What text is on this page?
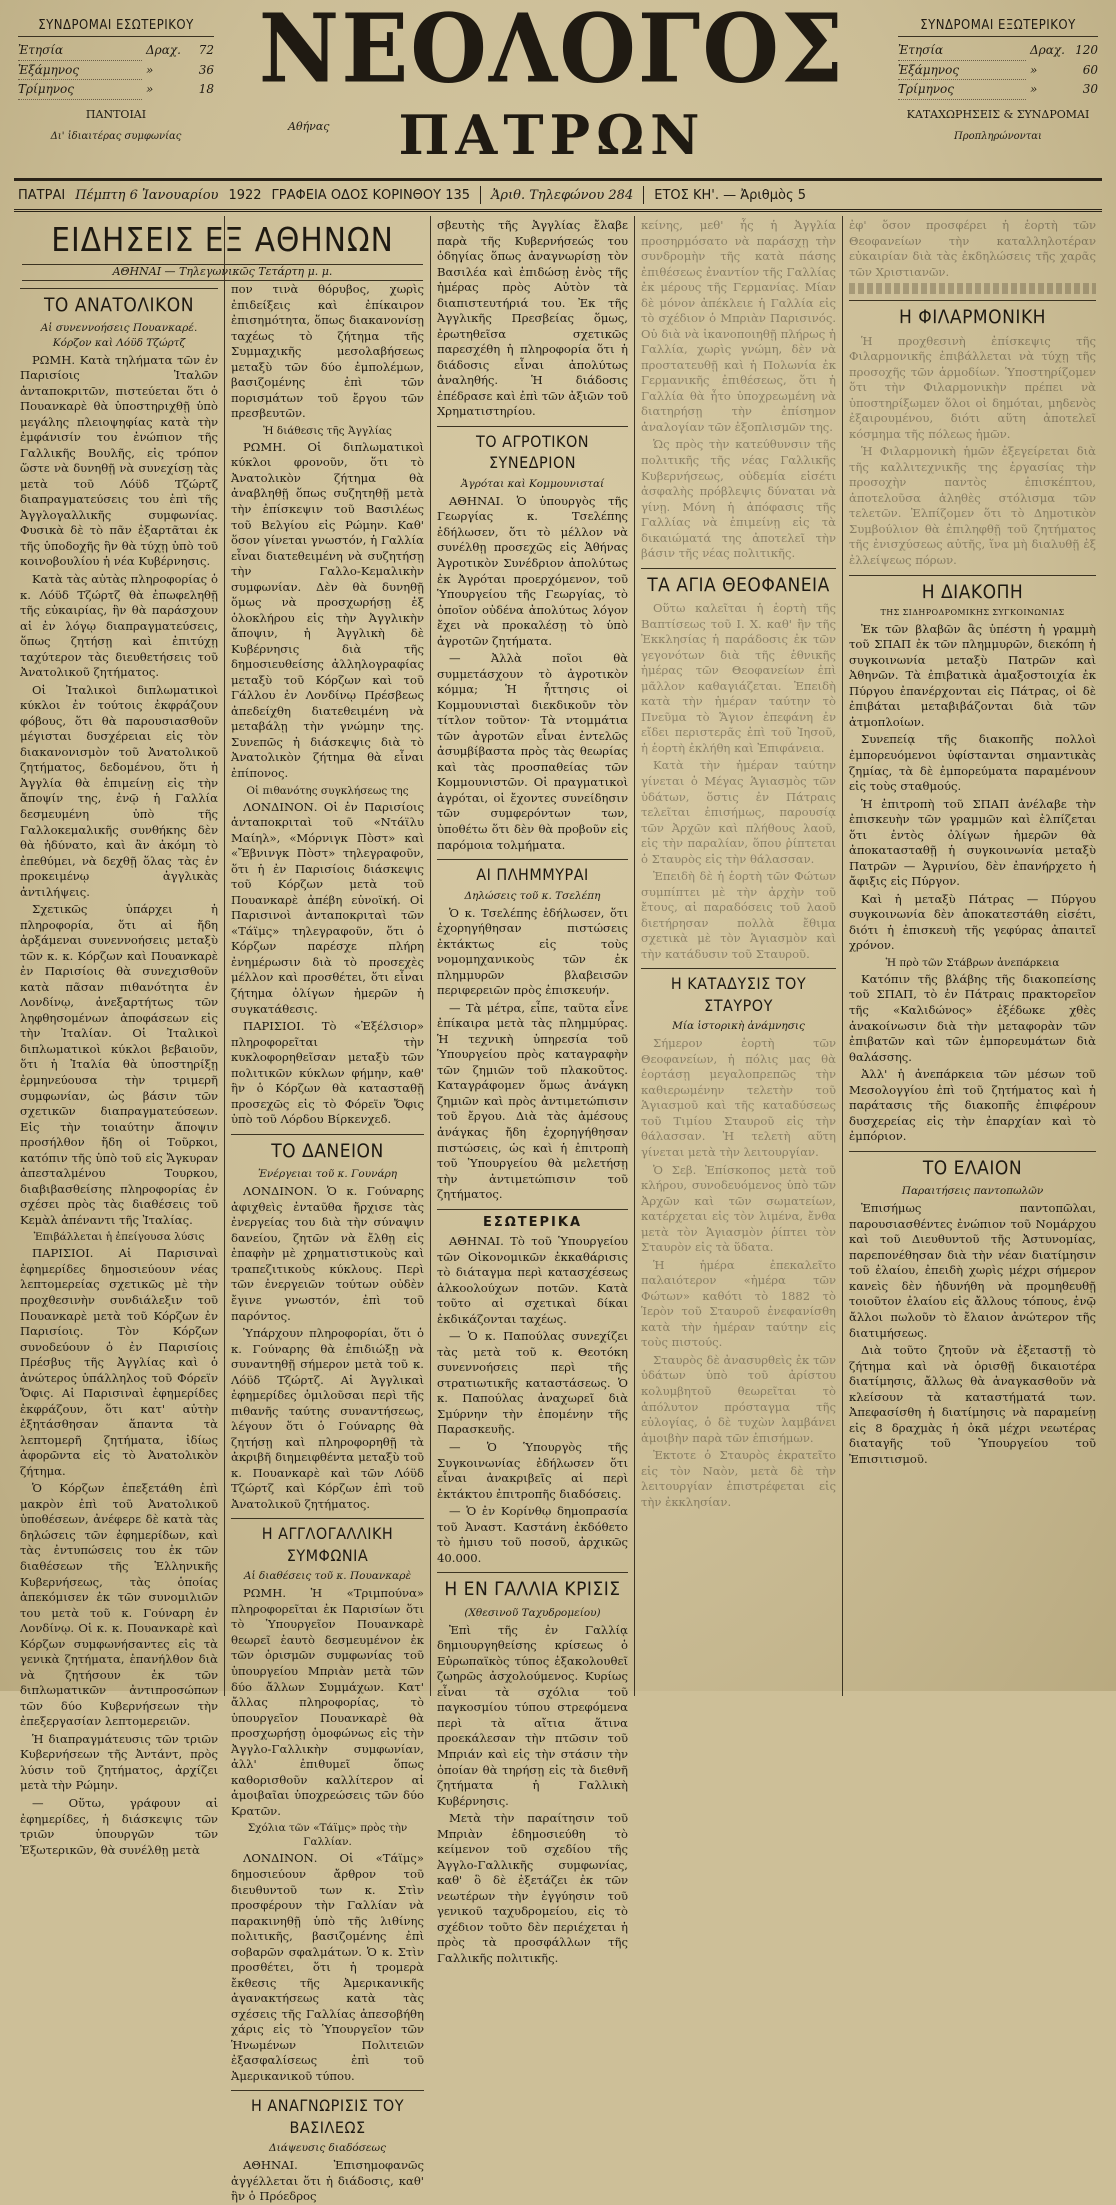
ΣΥΝΔΡΟΜΑΙ ΕΣΩΤΕΡΙΚΟΥ
Ἐτησία	Δραχ.	72
Ἑξάμηνος	»	36
Τρίμηνος	»	18
ΠΑΝΤΟΙΑΙ
Δι' ἰδιαιτέρας συμφωνίας
ΝΕΟΛΟΓΟΣ
Αθήνας	ΠΑΤΡΩΝ
ΣΥΝΔΡΟΜΑΙ ΕΞΩΤΕΡΙΚΟΥ
Ἐτησία	Δραχ. 120
Ἑξάμηνος	»	60
Τρίμηνος	»	30
ΚΑΤΑΧΩΡΗΣΕΙΣ & ΣΥΝΔΡΟΜΑΙ
Προπληρώνονται
ΠΑΤΡΑΙ Πέμπτη 6 Ἰανουαρίου 1922 ΓΡΑΦΕΙΑ ΟΔΟΣ ΚΟΡΙΝΘΟΥ 135 Ἀριθ. Τηλεφώνου 284 ΕΤΟΣ ΚΗ'. — Ἀριθμὸς 5
ΕΙΔΗΣΕΙΣ ΕΞ ΑΘΗΝΩΝ
ΑΘΗΝΑΙ — Τηλεγωνικῶς Τετάρτη μ. μ.
ΤΟ ΑΝΑΤΟΛΙΚΟΝ
Αἱ συνεννοήσεις Πουανκαρέ. Κόρζον καὶ Λόϋδ Τζώρτζ

ΡΩΜΗ. Κατὰ τηλήματα τῶν ἐν Παρισίοις Ἰταλῶν ἀνταποκριτῶν, πιστεύεται ὅτι ὁ Πουανκαρὲ θὰ ὑποστηριχθῇ ὑπὸ μεγάλης πλειοψηφίας κατὰ τὴν ἐμφάνισίν του ἐνώπιον τῆς Γαλλικῆς Βουλῆς, εἰς τρόπον ὥστε νὰ δυνηθῇ νὰ συνεχίσῃ τὰς μετὰ τοῦ Λόϋδ Τζώρτζ διαπραγματεύσεις του ἐπὶ τῆς Ἀγγλογαλλικῆς συμφωνίας. Φυσικὰ δὲ τὸ πᾶν ἐξαρτᾶται ἐκ τῆς ὑποδοχῆς ἣν θὰ τύχῃ ὑπὸ τοῦ κοινοβουλίου ἡ νέα Κυβέρνησις.

Κατὰ τὰς αὐτὰς πληροφορίας ὁ κ. Λόϋδ Τζώρτζ θὰ ἐπωφεληθῇ τῆς εὐκαιρίας, ἣν θὰ παράσχουν αἱ ἐν λόγῳ διαπραγματεύσεις, ὅπως ζητήσῃ καὶ ἐπιτύχῃ ταχύτερον τὰς διευθετήσεις τοῦ Ἀνατολικοῦ ζητήματος.

Οἱ Ἰταλικοὶ διπλωματικοὶ κύκλοι ἐν τούτοις ἐκφράζουν φόβους, ὅτι θὰ παρουσιασθοῦν μέγισται δυσχέρειαι εἰς τὸν διακανονισμὸν τοῦ Ἀνατολικοῦ ζητήματος, δεδομένου, ὅτι ἡ Ἀγγλία θὰ ἐπιμείνῃ εἰς τὴν ἄποψίν της, ἐνῷ ἡ Γαλλία δεσμευμένη ὑπὸ τῆς Γαλλοκεμαλικῆς συνθήκης δὲν θὰ ἠδύνατο, καὶ ἂν ἀκόμη τὸ ἐπεθύμει, νὰ δεχθῇ ὅλας τὰς ἐν προκειμένῳ ἀγγλικὰς ἀντιλήψεις.

Σχετικῶς ὑπάρχει ἡ πληροφορία, ὅτι αἱ ἤδη ἀρξάμεναι συνεννοήσεις μεταξὺ τῶν κ. κ. Κόρζων καὶ Πουανκαρὲ ἐν Παρισίοις θὰ συνεχισθοῦν κατὰ πᾶσαν πιθανότητα ἐν Λονδίνῳ, ἀνεξαρτήτως τῶν ληφθησομένων ἀποφάσεων εἰς τὴν Ἰταλίαν. Οἱ Ἰταλικοὶ διπλωματικοὶ κύκλοι βεβαιοῦν, ὅτι ἡ Ἰταλία θὰ ὑποστηρίξῃ ἐρμηνεύουσα τὴν τριμερῆ συμφωνίαν, ὡς βάσιν τῶν σχετικῶν διαπραγματεύσεων. Εἰς τὴν τοιαύτην ἄποψιν προσήλθον ἤδη οἱ Τοῦρκοι, κατόπιν τῆς ὑπὸ τοῦ εἰς Ἄγκυραν ἀπεσταλμένου Τουρκου, διαβιβασθείσης πληροφορίας ἐν σχέσει πρὸς τὰς διαθέσεις τοῦ Κεμὰλ ἀπέναντι τῆς Ἰταλίας.

Ἐπιβάλλεται ἡ ἐπείγουσα λύσις

ΠΑΡΙΣΙΟΙ. Αἱ Παρισιναὶ ἐφημερίδες δημοσιεύουν νέας λεπτομερείας σχετικῶς μὲ τὴν προχθεσινὴν συνδιάλεξιν τοῦ Πουανκαρὲ μετὰ τοῦ Κόρζων ἐν Παρισίοις. Τὸν Κόρζων συνοδεύουν ὁ ἐν Παρισίοις Πρέσβυς τῆς Ἀγγλίας καὶ ὁ ἀνώτερος ὑπάλληλος τοῦ Φόρεϊν Ὄφις. Αἱ Παρισιναὶ ἐφημερίδες ἐκφράζουν, ὅτι κατ' αὐτὴν ἐξητάσθησαν ἅπαντα τὰ λεπτομερῆ ζητήματα, ἰδίως ἀφορῶντα εἰς τὸ Ἀνατολικὸν ζήτημα.

Ὁ Κόρζων ἐπεξετάθη ἐπὶ μακρὸν ἐπὶ τοῦ Ἀνατολικοῦ ὑποθέσεων, ἀνέφερε δὲ κατὰ τὰς δηλώσεις τῶν ἐφημερίδων, καὶ τὰς ἐντυπώσεις του ἐκ τῶν διαθέσεων τῆς Ἑλληνικῆς Κυβερνήσεως, τὰς ὁποίας ἀπεκόμισεν ἐκ τῶν συνομιλιῶν του μετὰ τοῦ κ. Γούναρη ἐν Λονδίνῳ. Οἱ κ. κ. Πουανκαρὲ καὶ Κόρζων συμφωνήσαντες εἰς τὰ γενικὰ ζητήματα, ἐπανήλθον διὰ νὰ ζητήσουν ἐκ τῶν διπλωματικῶν ἀντιπροσώπων τῶν δύο Κυβερνήσεων τὴν ἐπεξεργασίαν λεπτομερειῶν.

Ἡ διαπραγμάτευσις τῶν τριῶν Κυβερνήσεων τῆς Ἀντάντ, πρὸς λύσιν τοῦ ζητήματος, ἀρχίζει μετὰ τὴν Ρώμην.

— Οὕτω, γράφουν αἱ ἐφημερίδες, ἡ διάσκεψις τῶν τριῶν ὑπουργῶν τῶν Ἐξωτερικῶν, θὰ συνέλθῃ μετὰ

πον τινὰ θόρυβος, χωρὶς ἐπιδείξεις καὶ ἐπίκαιρον ἐπισημότητα, ὅπως διακανονίσῃ ταχέως τὸ ζήτημα τῆς Συμμαχικῆς μεσολαβήσεως μεταξὺ τῶν δύο ἐμπολέμων, βασιζομένης ἐπὶ τῶν πορισμάτων τοῦ ἔργου τῶν πρεσβευτῶν.

Ἡ διάθεσις τῆς Ἀγγλίας

ΡΩΜΗ. Οἱ διπλωματικοὶ κύκλοι φρονοῦν, ὅτι τὸ Ἀνατολικὸν ζήτημα θὰ ἀναβληθῇ ὅπως συζητηθῇ μετὰ τὴν ἐπίσκεψιν τοῦ Βασιλέως τοῦ Βελγίου εἰς Ρώμην. Καθ' ὅσον γίνεται γνωστόν, ἡ Γαλλία εἶναι διατεθειμένη νὰ συζητήσῃ τὴν Γαλλο-Κεμαλικὴν συμφωνίαν. Δὲν θὰ δυνηθῇ ὅμως νὰ προσχωρήσῃ ἐξ ὁλοκλήρου εἰς τὴν Ἀγγλικὴν ἄποψιν, ἡ Ἀγγλικὴ δὲ Κυβέρνησις διὰ τῆς δημοσιευθείσης ἀλληλογραφίας μεταξὺ τοῦ Κόρζων καὶ τοῦ Γάλλου ἐν Λονδίνῳ Πρέσβεως ἀπεδείχθη διατεθειμένη νὰ μεταβάλῃ τὴν γνώμην της. Συνεπῶς ἡ διάσκεψις διὰ τὸ Ἀνατολικὸν ζήτημα θὰ εἶναι ἐπίπονος.

Οἱ πιθανότης συγκλήσεως της

ΛΟΝΔΙΝΟΝ. Οἱ ἐν Παρισίοις ἀνταποκριταὶ τοῦ «Ντάϊλυ Μαίηλ», «Μόρνιγκ Πὸστ» καὶ «Ἔβνινγκ Πὸστ» τηλεγραφοῦν, ὅτι ἡ ἐν Παρισίοις διάσκεψις τοῦ Κόρζων μετὰ τοῦ Πουανκαρὲ ἀπέβη εὐνοϊκή. Οἱ Παρισινοὶ ἀνταποκριταὶ τῶν «Τάϊμς» τηλεγραφοῦν, ὅτι ὁ Κόρζων παρέσχε πλήρη ἐνημέρωσιν διὰ τὸ προσεχὲς μέλλον καὶ προσθέτει, ὅτι εἶναι ζήτημα ὀλίγων ἡμερῶν ἡ συγκατάθεσις.

ΠΑΡΙΣΙΟΙ. Τὸ «Ἐξέλσιορ» πληροφορεῖται τὴν κυκλοφορηθεῖσαν μεταξὺ τῶν πολιτικῶν κύκλων φήμην, καθ' ἣν ὁ Κόρζων θὰ κατασταθῇ προσεχῶς εἰς τὸ Φόρεϊν Ὄφις ὑπὸ τοῦ Λόρδου Βίρκενχεδ.

ΤΟ ΔΑΝΕΙΟΝ
Ἐνέργειαι τοῦ κ. Γουνάρη

ΛΟΝΔΙΝΟΝ. Ὁ κ. Γούναρης ἀφιχθεὶς ἐνταῦθα ἤρχισε τὰς ἐνεργείας του διὰ τὴν σύναψιν δανείου, ζητῶν νὰ ἔλθῃ εἰς ἐπαφὴν μὲ χρηματιστικοὺς καὶ τραπεζιτικοὺς κύκλους. Περὶ τῶν ἐνεργειῶν τούτων οὐδὲν ἔγινε γνωστόν, ἐπὶ τοῦ παρόντος.

Ὑπάρχουν πληροφορίαι, ὅτι ὁ κ. Γούναρης θὰ ἐπιδιώξῃ νὰ συναντηθῇ σήμερον μετὰ τοῦ κ. Λόϋδ Τζώρτζ. Αἱ Ἀγγλικαὶ ἐφημερίδες ὁμιλοῦσαι περὶ τῆς πιθανῆς ταύτης συναντήσεως, λέγουν ὅτι ὁ Γούναρης θὰ ζητήσῃ καὶ πληροφορηθῇ τὰ ἀκριβῆ διημειφθέντα μεταξὺ τοῦ κ. Πουανκαρὲ καὶ τῶν Λόϋδ Τζώρτζ καὶ Κόρζων ἐπὶ τοῦ Ἀνατολικοῦ ζητήματος.

Η ΑΓΓΛΟΓΑΛΛΙΚΗ ΣΥΜΦΩΝΙΑ
Αἱ διαθέσεις τοῦ κ. Πουανκαρὲ

ΡΩΜΗ. Ἡ «Τριμπούνα» πληροφορεῖται ἐκ Παρισίων ὅτι τὸ Ὑπουργεῖον Πουανκαρὲ θεωρεῖ ἑαυτὸ δεσμευμένον ἐκ τῶν ὁρισμῶν συμφωνίας τοῦ ὑπουργείου Μπριὰν μετὰ τῶν δύο ἄλλων Συμμάχων. Κατ' ἄλλας πληροφορίας, τὸ ὑπουργεῖον Πουανκαρὲ θὰ προσχωρήσῃ ὁμοφώνως εἰς τὴν Ἀγγλο-Γαλλικὴν συμφωνίαν, ἀλλ' ἐπιθυμεῖ ὅπως καθορισθοῦν καλλίτερον αἱ ἀμοιβαῖαι ὑποχρεώσεις τῶν δύο Κρατῶν.

Σχόλια τῶν «Τάϊμς» πρὸς τὴν Γαλλίαν.

ΛΟΝΔΙΝΟΝ. Οἱ «Τάϊμς» δημοσιεύουν ἄρθρον τοῦ διευθυντοῦ των κ. Στὶν προσφέρουν τὴν Γαλλίαν νὰ παρακινηθῇ ὑπὸ τῆς λιθίνης πολιτικῆς, βασιζομένης ἐπὶ σοβαρῶν σφαλμάτων. Ὁ κ. Στὶν προσθέτει, ὅτι ἡ τρομερὰ ἔκθεσις τῆς Ἀμερικανικῆς ἀγανακτήσεως κατὰ τὰς σχέσεις τῆς Γαλλίας ἀπεσοβήθη χάρις εἰς τὸ Ὑπουργεῖον τῶν Ἡνωμένων Πολιτειῶν ἐξασφαλίσεως ἐπὶ τοῦ Ἀμερικανικοῦ τύπου.

Η ΑΝΑΓΝΩΡΙΣΙΣ ΤΟΥ ΒΑΣΙΛΕΩΣ
Διάψευσις διαδόσεως

ΑΘΗΝΑΙ. Ἐπισημοφανῶς ἀγγέλλεται ὅτι ἡ διάδοσις, καθ' ἣν ὁ Πρόεδρος

σβευτὴς τῆς Ἀγγλίας ἔλαβε παρὰ τῆς Κυβερνήσεώς του ὁδηγίας ὅπως ἀναγνωρίσῃ τὸν Βασιλέα καὶ ἐπιδώσῃ ἐνὸς τῆς ἡμέρας πρὸς Αὐτὸν τὰ διαπιστευτήριά του. Ἐκ τῆς Ἀγγλικῆς Πρεσβείας ὅμως, ἐρωτηθεῖσα σχετικῶς παρεσχέθη ἡ πληροφορία ὅτι ἡ διάδοσις εἶναι ἀπολύτως ἀναληθής. Ἡ διάδοσις ἐπέδρασε καὶ ἐπὶ τῶν ἀξιῶν τοῦ Χρηματιστηρίου.

ΤΟ ΑΓΡΟΤΙΚΟΝ ΣΥΝΕΔΡΙΟΝ
Ἀγρόται καὶ Κομμουνισταί

ΑΘΗΝΑΙ. Ὁ ὑπουργὸς τῆς Γεωργίας κ. Τσελέπης ἐδήλωσεν, ὅτι τὸ μέλλον νὰ συνέλθῃ προσεχῶς εἰς Ἀθήνας Ἀγροτικὸν Συνέδριον ἀπολύτως ἐκ Ἀγρόται προερχόμενον, τοῦ Ὑπουργείου τῆς Γεωργίας, τὸ ὁποῖον οὐδένα ἀπολύτως λόγον ἔχει νὰ προκαλέσῃ τὸ ὑπὸ ἀγροτῶν ζητήματα.

— Ἀλλὰ ποῖοι θὰ συμμετάσχουν τὸ ἀγροτικὸν κόμμα; Ἡ ἧττησις οἱ Κομμουνισταὶ διεκδικοῦν τὸν τίτλον τοῦτον· Τὰ ντομμάτια τῶν ἀγροτῶν εἶναι ἐντελῶς ἀσυμβίβαστα πρὸς τὰς θεωρίας καὶ τὰς προσπαθείας τῶν Κομμουνιστῶν. Οἱ πραγματικοὶ ἀγρόται, οἱ ἔχοντες συνείδησιν τῶν συμφερόντων των, ὑποθέτω ὅτι δὲν θὰ προβοῦν εἰς παρόμοια τολμήματα.

ΑΙ ΠΛΗΜΜΥΡΑΙ
Δηλώσεις τοῦ κ. Τσελέπη

Ὁ κ. Τσελέπης ἐδήλωσεν, ὅτι ἐχορηγήθησαν πιστώσεις ἐκτάκτως εἰς τοὺς νομομηχανικοὺς τῶν ἐκ πλημμυρῶν βλαβεισῶν περιφερειῶν πρὸς ἐπισκευήν.

— Τὰ μέτρα, εἶπε, ταῦτα εἶνε ἐπίκαιρα μετὰ τὰς πλημμύρας. Ἡ τεχνικὴ ὑπηρεσία τοῦ Ὑπουργείου πρὸς καταγραφὴν τῶν ζημιῶν τοῦ πλακοῦτος. Καταγράφομεν ὅμως ἀνάγκη ζημιῶν καὶ πρὸς ἀντιμετώπισιν τοῦ ἔργου. Διὰ τὰς ἀμέσους ἀνάγκας ἤδη ἐχορηγήθησαν πιστώσεις, ὡς καὶ ἡ ἐπιτροπὴ τοῦ Ὑπουργείου θὰ μελετήσῃ τὴν ἀντιμετώπισιν τοῦ ζητήματος.

ΕΣΩΤΕΡΙΚΑ

ΑΘΗΝΑΙ. Τὸ τοῦ Ὑπουργείου τῶν Οἰκονομικῶν ἐκκαθάρισις τὸ διάταγμα περὶ κατασχέσεως ἀλκοολούχων ποτῶν. Κατὰ τοῦτο αἱ σχετικαὶ δίκαι ἐκδικάζονται ταχέως.

— Ὁ κ. Παπούλας συνεχίζει τὰς μετὰ τοῦ κ. Θεοτόκη συνεννοήσεις περὶ τῆς στρατιωτικῆς καταστάσεως. Ὁ κ. Παπούλας ἀναχωρεῖ διὰ Σμύρνην τὴν ἐπομένην τῆς Παρασκευῆς.

— Ὁ Ὑπουργὸς τῆς Συγκοινωνίας ἐδήλωσεν ὅτι εἶναι ἀνακριβεῖς αἱ περὶ ἐκτάκτου ἐπιτροπῆς διαδόσεις.

— Ὁ ἐν Κορίνθῳ δημοπρασία τοῦ Ἀναστ. Καστάνη ἐκδόθετο τὸ ἡμισυ τοῦ ποσοῦ, ἀρχικῶς 40.000.

Η ΕΝ ΓΑΛΛΙΑ ΚΡΙΣΙΣ
(Χθεσινοῦ Ταχυδρομείου)

Ἐπὶ τῆς ἐν Γαλλίᾳ δημιουργηθείσης κρίσεως ὁ Εὐρωπαϊκὸς τύπος ἐξακολουθεῖ ζωηρῶς ἀσχολούμενος. Κυρίως εἶναι τὰ σχόλια τοῦ παγκοσμίου τύπου στρεφόμενα περὶ τὰ αἴτια ἅτινα προεκάλεσαν τὴν πτῶσιν τοῦ Μπριάν καὶ εἰς τὴν στάσιν τὴν ὁποίαν θὰ τηρήσῃ εἰς τὰ διεθνῆ ζητήματα ἡ Γαλλικὴ Κυβέρνησις.

Μετὰ τὴν παραίτησιν τοῦ Μπριὰν ἐδημοσιεύθη τὸ κείμενον τοῦ σχεδίου τῆς Ἀγγλο-Γαλλικῆς συμφωνίας, καθ' ὃ δὲ ἐξετάζει ἐκ τῶν νεωτέρων τὴν ἐγγύησιν τοῦ γενικοῦ ταχυδρομείου, εἰς τὸ σχέδιον τοῦτο δὲν περιέχεται ἡ πρὸς τὰ προσφάλλων τῆς Γαλλικῆς πολιτικῆς.

κείνης, μεθ' ἧς ἡ Ἀγγλία προσηρμόσατο νὰ παράσχῃ τὴν συνδρομὴν τῆς κατὰ πάσης ἐπιθέσεως ἐναντίον τῆς Γαλλίας ἐκ μέρους τῆς Γερμανίας. Μίαν δὲ μόνον ἀπέκλειε ἡ Γαλλία εἰς τὸ σχέδιον ὁ Μπριὰν Παρισινός. Οὐ διὰ νὰ ἱκανοποιηθῇ πλήρως ἡ Γαλλία, χωρὶς γνώμη, δὲν νὰ προστατευθῇ καὶ ἡ Πολωνία ἐκ Γερμανικῆς ἐπιθέσεως, ὅτι ἡ Γαλλία θὰ ἦτο ὑποχρεωμένη νὰ διατηρήσῃ τὴν ἐπίσημον ἀναλογίαν τῶν ἐξοπλισμῶν της.

Ὡς πρὸς τὴν κατεύθυνσιν τῆς πολιτικῆς τῆς νέας Γαλλικῆς Κυβερνήσεως, οὐδεμία εἰσέτι ἀσφαλὴς πρόβλεψις δύναται νὰ γίνῃ. Μόνη ἡ ἀπόφασις τῆς Γαλλίας νὰ ἐπιμείνῃ εἰς τὰ δικαιώματά της ἀποτελεῖ τὴν βάσιν τῆς νέας πολιτικῆς.

ΤΑ ΑΓΙΑ ΘΕΟΦΑΝΕΙΑ

Οὕτω καλεῖται ἡ ἑορτὴ τῆς Βαπτίσεως τοῦ Ι. Χ. καθ' ἣν τῆς Ἐκκλησίας ἡ παράδοσις ἐκ τῶν γεγονότων διὰ τῆς ἐθνικῆς ἡμέρας τῶν Θεοφανείων ἐπὶ μᾶλλον καθαγιάζεται. Ἐπειδὴ κατὰ τὴν ἡμέραν ταύτην τὸ Πνεῦμα τὸ Ἅγιον ἐπεφάνη ἐν εἴδει περιστερᾶς ἐπὶ τοῦ Ἰησοῦ, ἡ ἑορτὴ ἐκλήθη καὶ Ἐπιφάνεια.

Κατὰ τὴν ἡμέραν ταύτην γίνεται ὁ Μέγας Ἁγιασμὸς τῶν ὑδάτων, ὅστις ἐν Πάτραις τελεῖται ἐπισήμως, παρουσίᾳ τῶν Ἀρχῶν καὶ πλήθους λαοῦ, εἰς τὴν παραλίαν, ὅπου ῥίπτεται ὁ Σταυρὸς εἰς τὴν θάλασσαν.

Ἐπειδὴ δὲ ἡ ἑορτὴ τῶν Φώτων συμπίπτει μὲ τὴν ἀρχὴν τοῦ ἔτους, αἱ παραδόσεις τοῦ λαοῦ διετήρησαν πολλὰ ἔθιμα σχετικὰ μὲ τὸν Ἁγιασμὸν καὶ τὴν κατάδυσιν τοῦ Σταυροῦ.

Η ΚΑΤΑΔΥΣΙΣ ΤΟΥ ΣΤΑΥΡΟΥ
Μία ἱστορικὴ ἀνάμνησις

Σήμερον ἑορτὴ τῶν Θεοφανείων, ἡ πόλις μας θὰ ἑορτάσῃ μεγαλοπρεπῶς τὴν καθιερωμένην τελετὴν τοῦ Ἁγιασμοῦ καὶ τῆς καταδύσεως τοῦ Τιμίου Σταυροῦ εἰς τὴν θάλασσαν. Ἡ τελετὴ αὕτη γίνεται μετὰ τὴν λειτουργίαν.

Ὁ Σεβ. Ἐπίσκοπος μετὰ τοῦ κλήρου, συνοδευόμενος ὑπὸ τῶν Ἀρχῶν καὶ τῶν σωματείων, κατέρχεται εἰς τὸν λιμένα, ἔνθα μετὰ τὸν Ἁγιασμὸν ῥίπτει τὸν Σταυρὸν εἰς τὰ ὕδατα.

Ἡ ἡμέρα ἐπεκαλεῖτο παλαιότερον «ἡμέρα τῶν Φώτων» καθότι τὸ 1882 τὸ Ἱερὸν τοῦ Σταυροῦ ἐνεφανίσθη κατὰ τὴν ἡμέραν ταύτην εἰς τοὺς πιστούς.

Σταυρὸς δὲ ἀνασυρθεὶς ἐκ τῶν ὑδάτων ὑπὸ τοῦ ἀρίστου κολυμβητοῦ θεωρεῖται τὸ ἀπόλυτον πρόσταγμα τῆς εὐλογίας, ὁ δὲ τυχὼν λαμβάνει ἀμοιβὴν παρὰ τῶν ἐπισήμων.

Ἐκτοτε ὁ Σταυρὸς ἐκρατεῖτο εἰς τὸν Ναὸν, μετὰ δὲ τὴν λειτουργίαν ἐπιστρέφεται εἰς τὴν ἐκκλησίαν.

ἐφ' ὅσον προσφέρει ἡ ἑορτὴ τῶν Θεοφανείων τὴν καταλληλοτέραν εὐκαιρίαν διὰ τὰς ἐκδηλώσεις τῆς χαρᾶς τῶν Χριστιανῶν.

Η ΦΙΛΑΡΜΟΝΙΚΗ

Ἡ προχθεσινὴ ἐπίσκεψις τῆς Φιλαρμονικῆς ἐπιβάλλεται νὰ τύχῃ τῆς προσοχῆς τῶν ἁρμοδίων. Ὑποστηρίζομεν ὅτι τὴν Φιλαρμονικὴν πρέπει νὰ ὑποστηρίξωμεν ὅλοι οἱ δημόται, μηδενὸς ἐξαιρουμένου, διότι αὕτη ἀποτελεῖ κόσμημα τῆς πόλεως ἡμῶν.

Ἡ Φιλαρμονικὴ ἡμῶν ἐξεγείρεται διὰ τῆς καλλιτεχνικῆς της ἐργασίας τὴν προσοχὴν παντὸς ἐπισκέπτου, ἀποτελοῦσα ἀληθὲς στόλισμα τῶν τελετῶν. Ἐλπίζομεν ὅτι τὸ Δημοτικὸν Συμβούλιον θὰ ἐπιληφθῇ τοῦ ζητήματος τῆς ἐνισχύσεως αὐτῆς, ἵνα μὴ διαλυθῇ ἐξ ἐλλείψεως πόρων.

Η ΔΙΑΚΟΠΗ
ΤΗΣ ΣΙΔΗΡΟΔΡΟΜΙΚΗΣ ΣΥΓΚΟΙΝΩΝΙΑΣ

Ἐκ τῶν βλαβῶν ἃς ὑπέστη ἡ γραμμὴ τοῦ ΣΠΑΠ ἐκ τῶν πλημμυρῶν, διεκόπη ἡ συγκοινωνία μεταξὺ Πατρῶν καὶ Ἀθηνῶν. Τὰ ἐπιβατικὰ ἀμαξοστοιχία ἐκ Πύργου ἐπανέρχονται εἰς Πάτρας, οἱ δὲ ἐπιβάται μεταβιβάζονται διὰ τῶν ἀτμοπλοίων.

Συνεπείᾳ τῆς διακοπῆς πολλοὶ ἐμπορευόμενοι ὑφίστανται σημαντικὰς ζημίας, τὰ δὲ ἐμπορεύματα παραμένουν εἰς τοὺς σταθμούς.

Ἡ ἐπιτροπὴ τοῦ ΣΠΑΠ ἀνέλαβε τὴν ἐπισκευὴν τῶν γραμμῶν καὶ ἐλπίζεται ὅτι ἐντὸς ὀλίγων ἡμερῶν θὰ ἀποκατασταθῇ ἡ συγκοινωνία μεταξὺ Πατρῶν — Ἀγρινίου, δὲν ἐπανήρχετο ἡ ἄφιξις εἰς Πύργον.

Καὶ ἡ μεταξὺ Πάτρας — Πύργου συγκοινωνία δὲν ἀποκατεστάθη εἰσέτι, διότι ἡ ἐπισκευὴ τῆς γεφύρας ἀπαιτεῖ χρόνον.

Ἡ πρὸ τῶν Στάβρων ἀνεπάρκεια

Κατόπιν τῆς βλάβης τῆς διακοπείσης τοῦ ΣΠΑΠ, τὸ ἐν Πάτραις πρακτορεῖον τῆς «Καλιδώνος» ἐξέδωκε χθὲς ἀνακοίνωσιν διὰ τὴν μεταφορὰν τῶν ἐπιβατῶν καὶ τῶν ἐμπορευμάτων διὰ θαλάσσης.

Ἀλλ' ἡ ἀνεπάρκεια τῶν μέσων τοῦ Μεσολογγίου ἐπὶ τοῦ ζητήματος καὶ ἡ παράτασις τῆς διακοπῆς ἐπιφέρουν δυσχερείας εἰς τὴν ἐπαρχίαν καὶ τὸ ἐμπόριον.

ΤΟ ΕΛΑΙΟΝ
Παραιτήσεις παντοπωλῶν

Ἐπισήμως παντοπῶλαι, παρουσιασθέντες ἐνώπιον τοῦ Νομάρχου καὶ τοῦ Διευθυντοῦ τῆς Ἀστυνομίας, παρεπονέθησαν διὰ τὴν νέαν διατίμησιν τοῦ ἐλαίου, ἐπειδὴ χωρὶς μέχρι σήμερον κανεὶς δὲν ἠδυνήθη νὰ προμηθευθῇ τοιοῦτον ἐλαίου εἰς ἄλλους τόπους, ἐνῷ ἄλλοι πωλοῦν τὸ ἔλαιον ἀνώτερον τῆς διατιμήσεως.

Διὰ τοῦτο ζητοῦν νὰ ἐξεταστῇ τὸ ζήτημα καὶ νὰ ὁρισθῇ δικαιοτέρα διατίμησις, ἄλλως θὰ ἀναγκασθοῦν νὰ κλείσουν τὰ καταστήματά των. Ἀπεφασίσθη ἡ διατίμησις νὰ παραμείνῃ εἰς 8 δραχμὰς ἡ ὀκᾶ μέχρι νεωτέρας διαταγῆς τοῦ Ὑπουργείου τοῦ Ἐπισιτισμοῦ.
